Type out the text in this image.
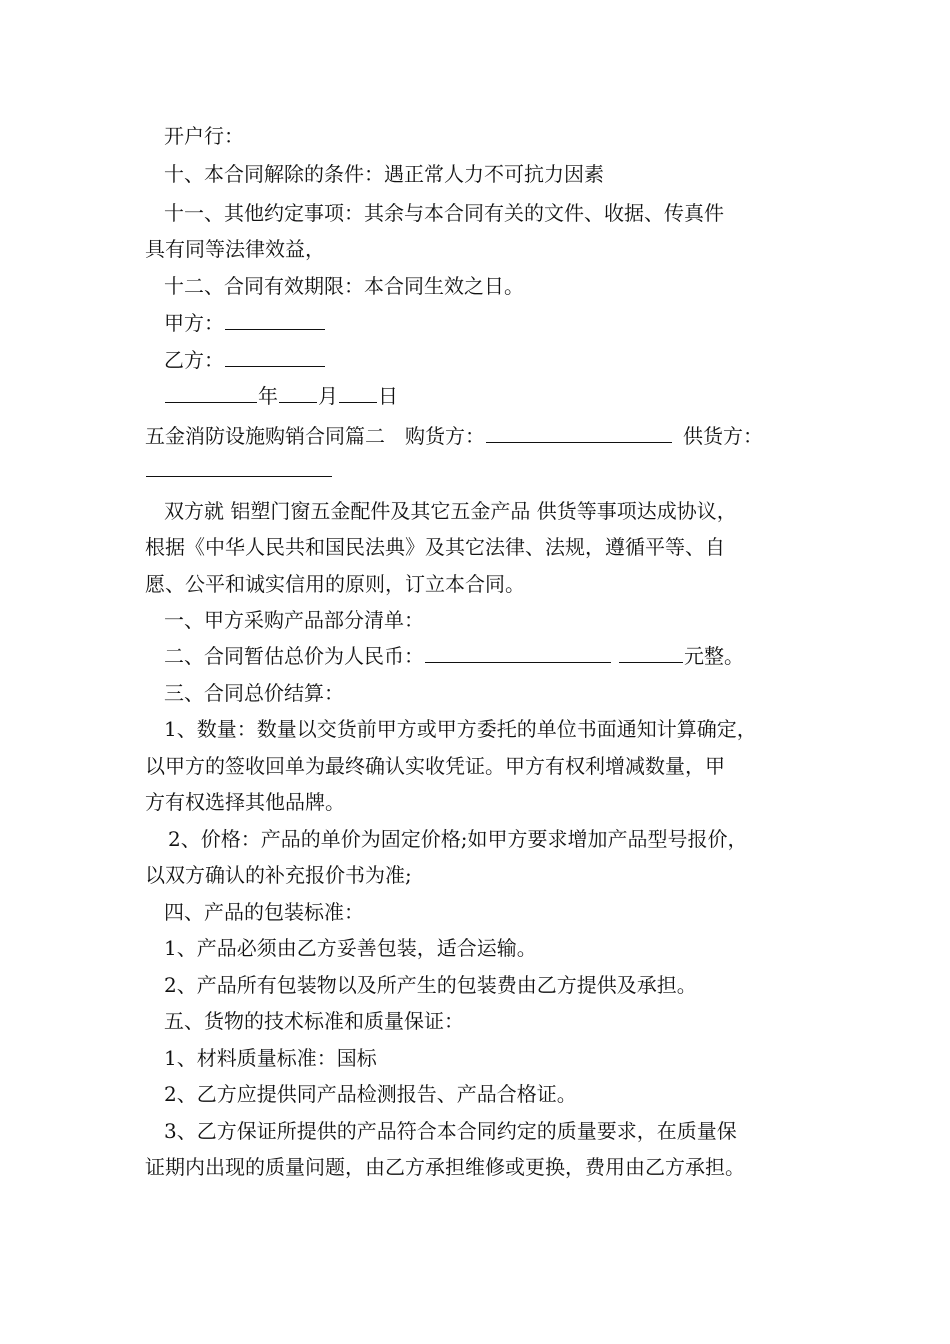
开户行：
十、本合同解除的条件：遇正常人力不可抗力因素
十一、其他约定事项：其余与本合同有关的文件、收据、传真件
具有同等法律效益，
十二、合同有效期限：本合同生效之日。
甲方：
乙方：
年 月 日
五金消防设施购销合同篇二 购货方：	供货方：
双方就 铝塑门窗五金配件及其它五金产品 供货等事项达成协议，
根据《中华人民共和国民法典》及其它法律、法规，遵循平等、自
愿、公平和诚实信用的原则，订立本合同。
一、甲方采购产品部分清单：
二、合同暂估总价为人民币：	元整。
三、合同总价结算：
1、数量：数量以交货前甲方或甲方委托的单位书面通知计算确定，
以甲方的签收回单为最终确认实收凭证。甲方有权利增减数量，甲
方有权选择其他品牌。
2、价格：产品的单价为固定价格;如甲方要求增加产品型号报价，
以双方确认的补充报价书为准;
四、产品的包装标准：
1、产品必须由乙方妥善包装，适合运输。
2、产品所有包装物以及所产生的包装费由乙方提供及承担。
五、货物的技术标准和质量保证：
1、材料质量标准：国标
2、乙方应提供同产品检测报告、产品合格证。
3、乙方保证所提供的产品符合本合同约定的质量要求，在质量保
证期内出现的质量问题，由乙方承担维修或更换，费用由乙方承担。
